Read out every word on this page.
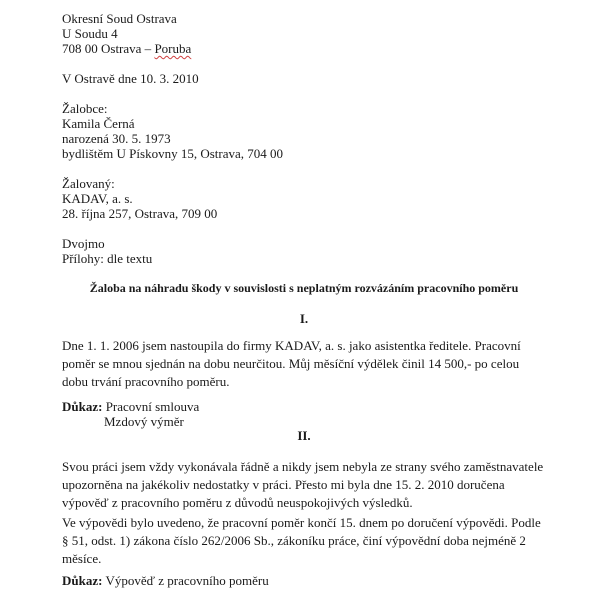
Okresní Soud Ostrava
U Soudu 4
708 00 Ostrava – Poruba
V Ostravě dne 10. 3. 2010
Žalobce:
Kamila Černá
narozená 30. 5. 1973
bydlištěm U Pískovny 15, Ostrava, 704 00
Žalovaný:
KADAV, a. s.
28. října 257, Ostrava, 709 00
Dvojmo
Přílohy: dle textu
Žaloba na náhradu škody v souvislosti s neplatným rozvázáním pracovního poměru
I.
Dne 1. 1. 2006 jsem nastoupila do firmy KADAV, a. s. jako asistentka ředitele. Pracovní poměr se mnou sjednán na dobu neurčitou. Můj měsíční výdělek činil 14 500,- po celou dobu trvání pracovního poměru.
Důkaz: Pracovní smlouva
Mzdový výměr
II.
Svou práci jsem vždy vykonávala řádně a nikdy jsem nebyla ze strany svého zaměstnavatele upozorněna na jakékoliv nedostatky v práci. Přesto mi byla dne 15. 2. 2010 doručena výpověď z pracovního poměru z důvodů neuspokojivých výsledků.
Ve výpovědi bylo uvedeno, že pracovní poměr končí 15. dnem po doručení výpovědi. Podle § 51, odst. 1) zákona číslo 262/2006 Sb., zákoníku práce, činí výpovědní doba nejméně 2 měsíce.
Důkaz: Výpověď z pracovního poměru
